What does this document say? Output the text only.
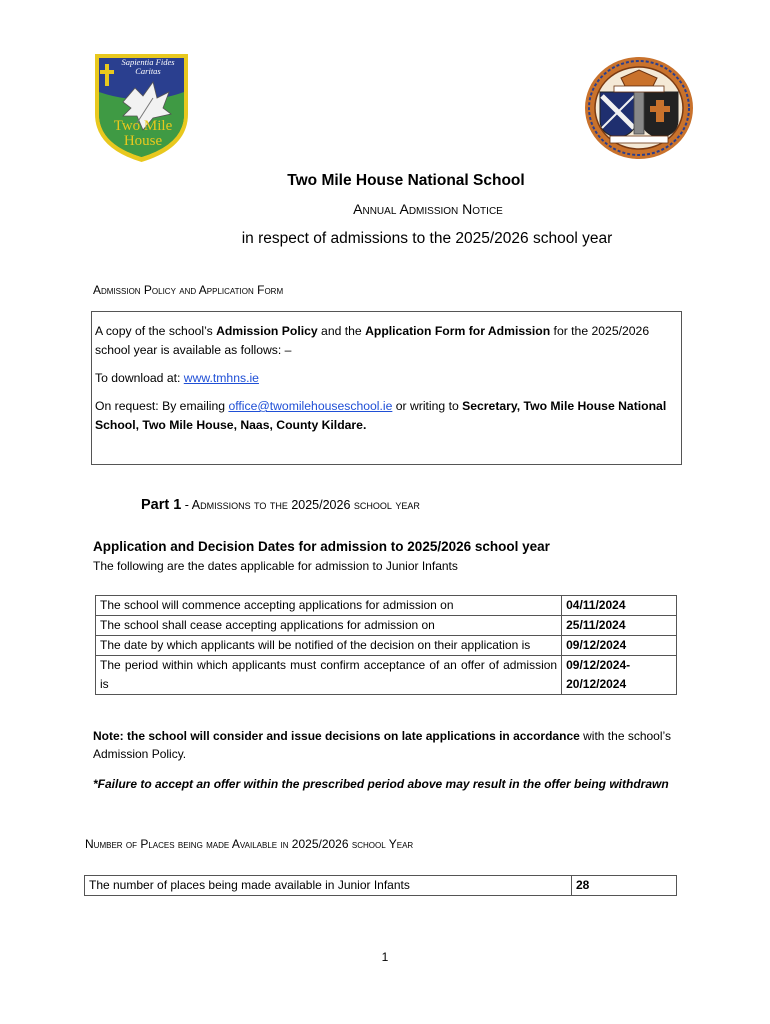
Sapientia Fides
Caritas
Two Mile
House
Two Mile House National School
Annual Admission Notice
in respect of admissions to the 2025/2026 school year
Admission Policy and Application Form

A copy of the school’s Admission Policy and the Application Form for Admission for the 2025/2026 school year is available as follows: –

To download at: www.tmhns.ie

On request: By emailing office@twomilehouseschool.ie or writing to Secretary, Two Mile House National School, Two Mile House, Naas, County Kildare.

Part 1 - Admissions to the 2025/2026 school year
Application and Decision Dates for admission to 2025/2026 school year
The following are the dates applicable for admission to Junior Infants
The school will commence accepting applications for admission on	04/11/2024
The school shall cease accepting applications for admission on	25/11/2024
The date by which applicants will be notified of the decision on their application is	09/12/2024
The period within which applicants must confirm acceptance of an offer of admission is	09/12/2024-20/12/2024
Note: the school will consider and issue decisions on late applications in accordance with the school’s Admission Policy.
*Failure to accept an offer within the prescribed period above may result in the offer being withdrawn
Number of Places being made Available in 2025/2026 school Year
The number of places being made available in Junior Infants	28
1
